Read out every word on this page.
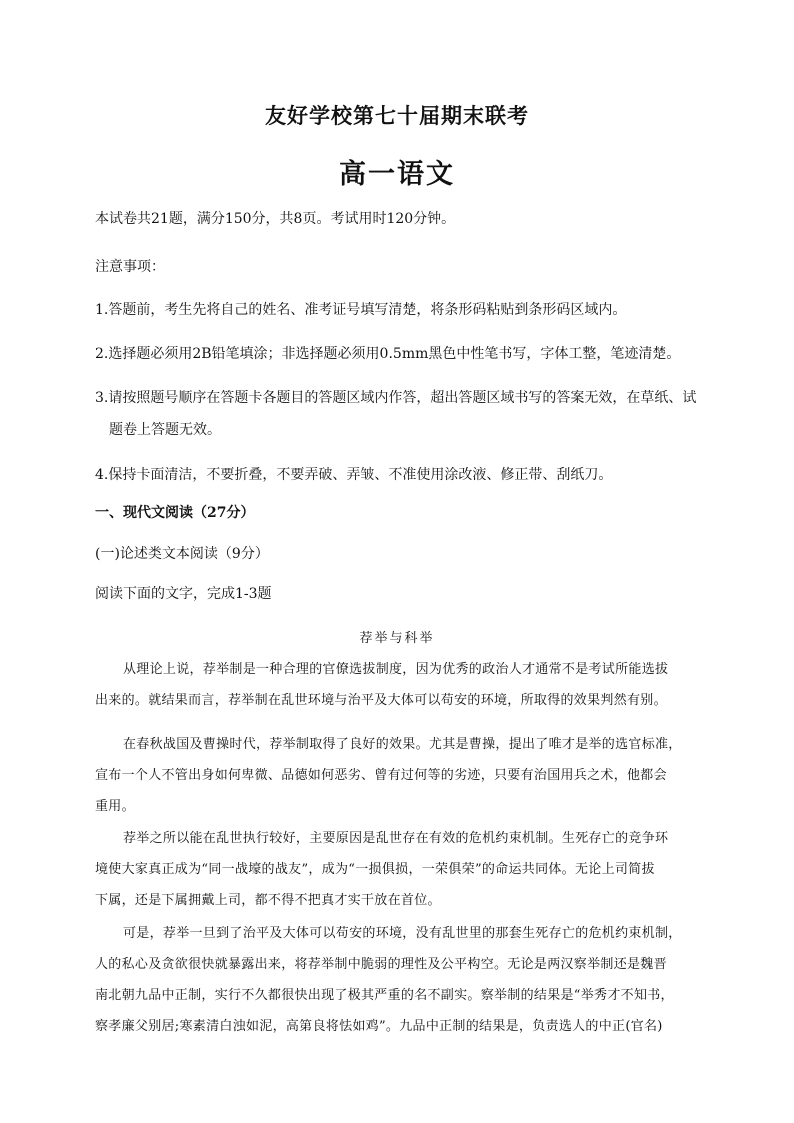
友好学校第七十届期末联考
高一语文
本试卷共21题，满分150分，共8页。考试用时120分钟。
注意事项：
1.答题前，考生先将自己的姓名、准考证号填写清楚，将条形码粘贴到条形码区域内。
2.选择题必须用2B铅笔填涂；非选择题必须用0.5mm黑色中性笔书写，字体工整，笔迹清楚。
3.请按照题号顺序在答题卡各题目的答题区域内作答，超出答题区域书写的答案无效，在草纸、试
题卷上答题无效。
4.保持卡面清洁，不要折叠，不要弄破、弄皱、不准使用涂改液、修正带、刮纸刀。
一、现代文阅读（27分）
(一)论述类文本阅读（9分）
阅读下面的文字，完成1-3题
荐举与科举
从理论上说，荐举制是一种合理的官僚选拔制度，因为优秀的政治人才通常不是考试所能选拔
出来的。就结果而言，荐举制在乱世环境与治平及大体可以苟安的环境，所取得的效果判然有别。
在春秋战国及曹操时代，荐举制取得了良好的效果。尤其是曹操，提出了唯才是举的选官标准，
宣布一个人不管出身如何卑微、品德如何恶劣、曾有过何等的劣迹，只要有治国用兵之术，他都会
重用。
荐举之所以能在乱世执行较好，主要原因是乱世存在有效的危机约束机制。生死存亡的竞争环
境使大家真正成为“同一战壕的战友”，成为“一损俱损，一荣俱荣”的命运共同体。无论上司简拔
下属，还是下属拥戴上司，都不得不把真才实干放在首位。
可是，荐举一旦到了治平及大体可以苟安的环境，没有乱世里的那套生死存亡的危机约束机制，
人的私心及贪欲很快就暴露出来，将荐举制中脆弱的理性及公平构空。无论是两汉察举制还是魏晋
南北朝九品中正制，实行不久都很快出现了极其严重的名不副实。察举制的结果是“举秀才不知书，
察孝廉父别居;寒素清白浊如泥，高第良将怯如鸡”。九品中正制的结果是，负责选人的中正(官名)
